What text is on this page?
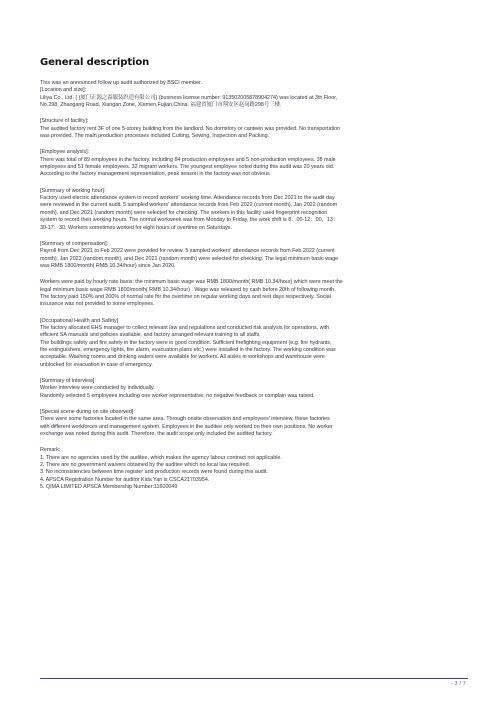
General description
This was an announced follow up audit authorized by BSCI member.
[Location and size]:
Liliya Co., Ltd. ( (厦门正源之森服装织造有限公司) (business license number: 91350200587890427​4) was located at 3th Floor,
No.298, Zhaogang Road, Xiangan Zone, Xiamen,Fujian,China. 福建省厦门市翔安区赵岗路298号三楼.
[Structure of facility]:
The audited factory rent 3F of one 5-storey building from the landlord. No dormitory or canteen was provided. No transportation
was provided. The main production processes included Cutting, Sewing, Inspection and Packing.
[Employee analysis]:
There was total of 89 employees in the factory, including 84 production employees and 5 non-production employees. 38 male
employees and 51 female employees. 32 migrant workers. The youngest employee noted during this audit was 20 years old.
According to the factory management representation, peak season in the factory was not obvious
[Summary of working hour]:
Factory used electric attendance system to record workers' working time. Attendance records from Dec 2021 to the audit day
were reviewed in the current audit. 5 sampled workers' attendance records from Feb 2022 (current month), Jan 2022 (random
month), and Dec 2021 (random month) were selected for checking. The workers in this facility used fingerprint recognition
system to record their working hours. The normal workweek was from Monday to Friday, the work shift is 8：00-12：00，13：
30-17：30. Workers sometimes worked for eight hours of overtime on Saturdays.
[Summary of compensation]:
Payroll from Dec 2021 to Feb 2022 were provided for review. 5 sampled workers' attendance records from Feb 2022 (current
month), Jan 2022 (random month), and Dec 2021 (random month) were selected for checking. The legal minimum basic wage
was RMB 1800/month( RMB 10.34/hour) since Jan 2020.
Workers were paid by hourly rate basis; the minimum basic wage was RMB 1800/month( RMB 10.34/hour) which were meet the
legal minimum basic wage RMB 1800/month( RMB 10.34/hour) . Wage was released by cash before 20th of following month.
The factory paid 150% and 200% of normal rate for the overtime on regular working days and rest days respectively. Social
insurance was not provided to some employees.
[Occupational Health and Safety]
The factory allocated EHS manager to collect relevant law and regulations and conducted risk analysis for operations, with
efficient SA manuals and policies available, and factory arranged relevant training to all staffs.
The buildings safety and fire safety in the factory were in good condition. Sufficient firefighting equipment (e.g. fire hydrants,
fire extinguishers, emergency lights, fire alarm, evacuation plans etc.) were installed in the factory. The working condition was
acceptable. Washing rooms and drinking waters were available for workers. All aisles in workshops and warehouse were
unblocked for evacuation in case of emergency.
[Summary of interview]:
Worker interview were conducted by individually.
Randomly selected 5 employees including one worker representative, no negative feedback or complain was raised.
[Special scene during on site observed]:
There were some factories located in the same area. Through onsite observation and employees' interview, these factories
with different workforces and management system. Employees in the auditee only worked on their own positions. No worker
exchange was noted during this audit. Therefore, the audit scope only included the audited factory.
Remark:
1. There are no agencies used by the auditee, which makes the agency labour contract not applicable.
2. There are no government waivers obtained by the auditee which no local law required.
3. No inconsistencies between time register and production records were found during this audit.
4. APSCA Registration Number for auditor Kida Yan is CSCA21703954.
5. QIMA LIMITED APSCA Membership Number:11600049
- 3 / 7
